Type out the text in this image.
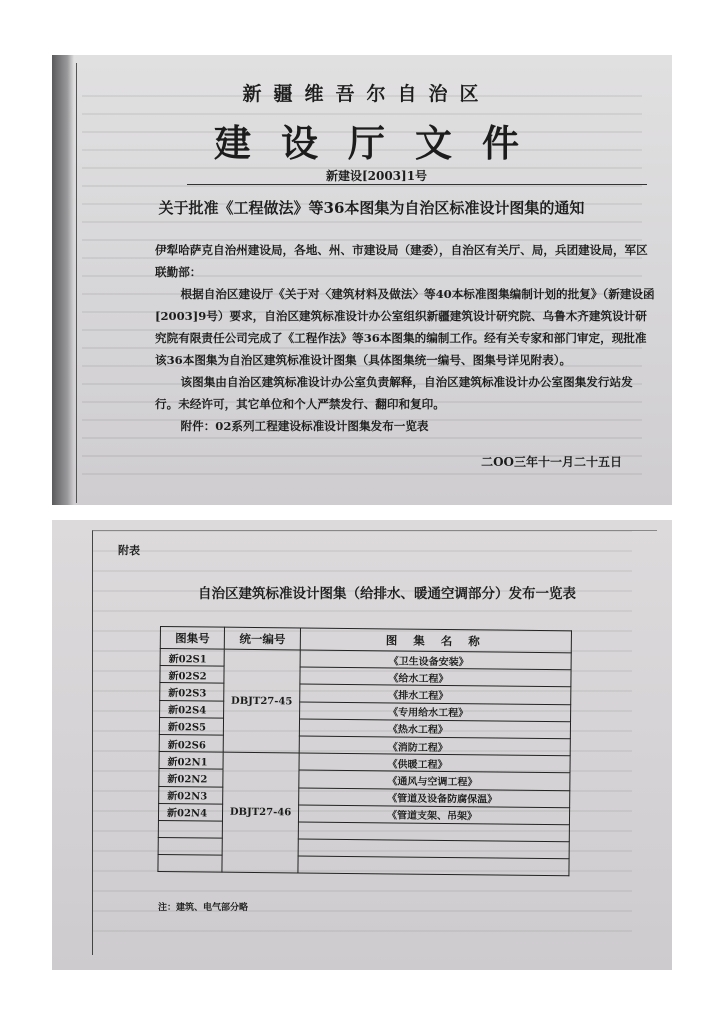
新疆维吾尔自治区
建设厅文件
新建设[2003]1号
关于批准《工程做法》等36本图集为自治区标准设计图集的通知

伊犁哈萨克自治州建设局，各地、州、市建设局（建委），自治区有关厅、局，兵团建设局，军区联勤部：

根据自治区建设厅《关于对〈建筑材料及做法〉等40本标准图集编制计划的批复》（新建设函[2003]9号）要求，自治区建筑标准设计办公室组织新疆建筑设计研究院、乌鲁木齐建筑设计研究院有限责任公司完成了《工程作法》等36本图集的编制工作。经有关专家和部门审定，现批准该36本图集为自治区建筑标准设计图集（具体图集统一编号、图集号详见附表）。

该图集由自治区建筑标准设计办公室负责解释，自治区建筑标准设计办公室图集发行站发行。未经许可，其它单位和个人严禁发行、翻印和复印。

附件：02系列工程建设标准设计图集发布一览表

二OO三年十一月二十五日
附表
自治区建筑标准设计图集（给排水、暖通空调部分）发布一览表
图集号	统一编号	图 集 名 称
新02S1	DBJT27-45	《卫生设备安装》
新02S2		《给水工程》
新02S3		《排水工程》
新02S4		《专用给水工程》
新02S5		《热水工程》
新02S6		《消防工程》
新02N1	DBJT27-46	《供暖工程》
新02N2		《通风与空调工程》
新02N3		《管道及设备防腐保温》
新02N4		《管道支架、吊架》

注：建筑、电气部分略
